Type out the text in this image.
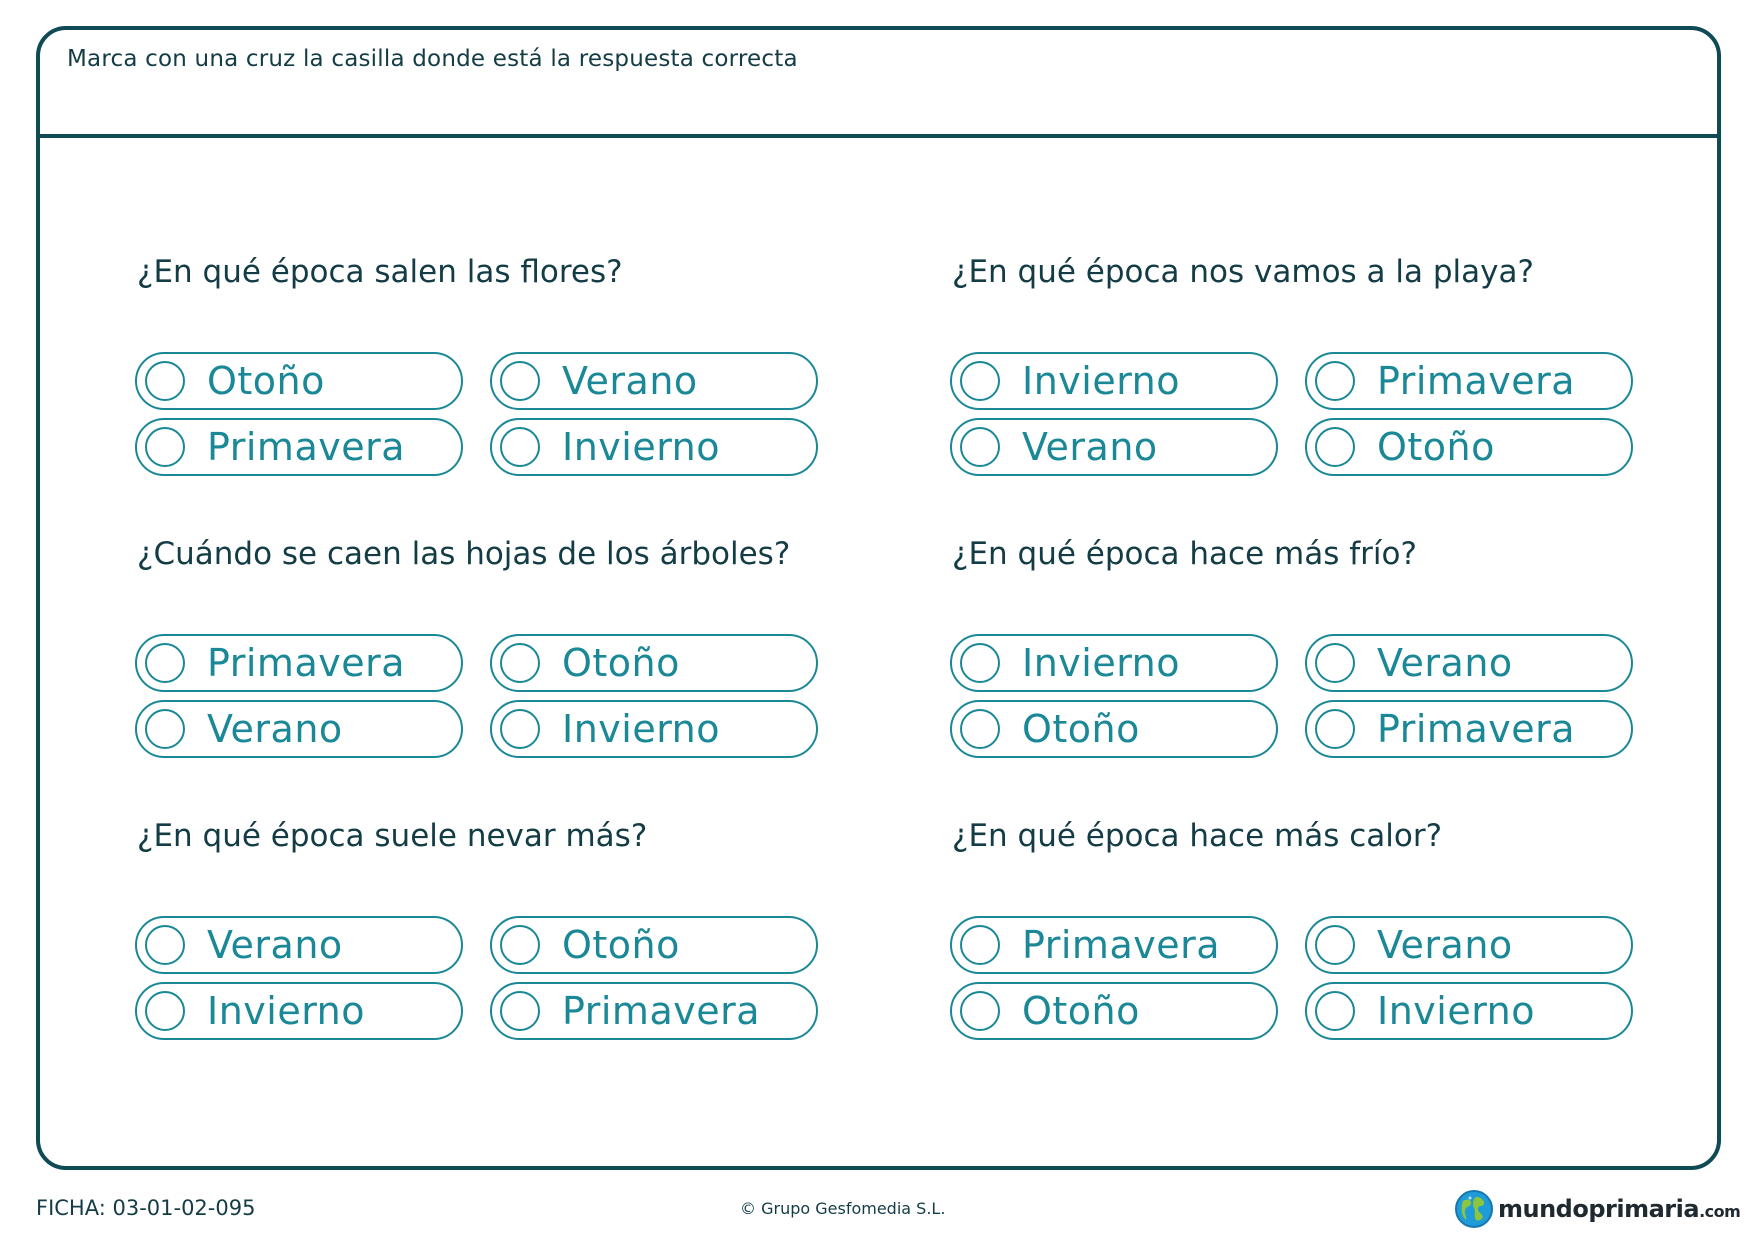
Marca con una cruz la casilla donde está la respuesta correcta
¿En qué época salen las flores?
Otoño	Verano
Primavera	Invierno
¿En qué época nos vamos a la playa?
Invierno	Primavera
Verano	Otoño
¿Cuándo se caen las hojas de los árboles?
Primavera	Otoño
Verano	Invierno
¿En qué época hace más frío?
Invierno	Verano
Otoño	Primavera
¿En qué época suele nevar más?
Verano	Otoño
Invierno	Primavera
¿En qué época hace más calor?
Primavera	Verano
Otoño	Invierno
FICHA: 03-01-02-095	© Grupo Gesfomedia S.L.	mundoprimaria.com
